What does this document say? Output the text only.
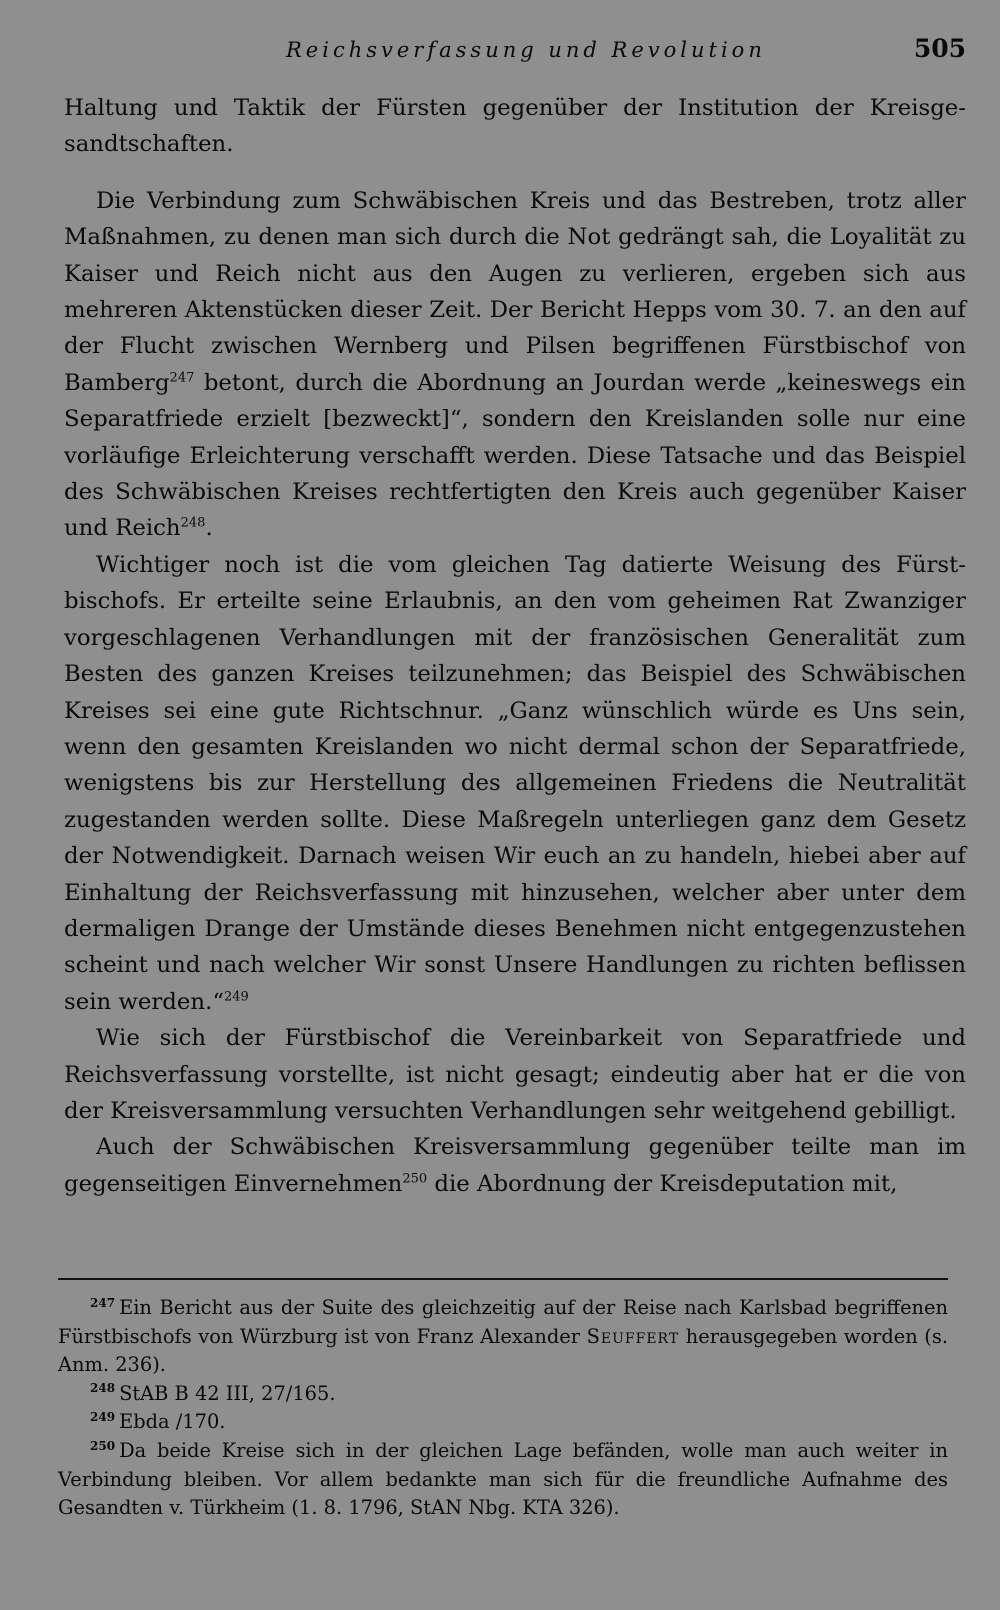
Reichsverfassung und Revolution	505

Haltung und Taktik der Fürsten gegenüber der Institution der Kreisgesandtschaften.

Die Verbindung zum Schwäbischen Kreis und das Bestreben, trotz aller Maßnahmen, zu denen man sich durch die Not gedrängt sah, die Loyalität zu Kaiser und Reich nicht aus den Augen zu verlieren, ergeben sich aus mehreren Aktenstücken dieser Zeit. Der Bericht Hepps vom 30. 7. an den auf der Flucht zwischen Wernberg und Pilsen begriffenen Fürstbischof von Bamberg$^{247}$ betont, durch die Abordnung an Jourdan werde „keineswegs ein Separatfriede erzielt [bezweckt]“, sondern den Kreislanden solle nur eine vorläufige Erleichterung verschafft werden. Diese Tatsache und das Beispiel des Schwäbischen Kreises rechtfertigten den Kreis auch gegenüber Kaiser und Reich$^{248}$.

Wichtiger noch ist die vom gleichen Tag datierte Weisung des Fürstbischofs. Er erteilte seine Erlaubnis, an den vom geheimen Rat Zwanziger vorgeschlagenen Verhandlungen mit der französischen Generalität zum Besten des ganzen Kreises teilzunehmen; das Beispiel des Schwäbischen Kreises sei eine gute Richtschnur. „Ganz wünschlich würde es Uns sein, wenn den gesamten Kreislanden wo nicht dermal schon der Separatfriede, wenigstens bis zur Herstellung des allgemeinen Friedens die Neutralität zugestanden werden sollte. Diese Maßregeln unterliegen ganz dem Gesetz der Notwendigkeit. Darnach weisen Wir euch an zu handeln, hiebei aber auf Einhaltung der Reichsverfassung mit hinzusehen, welcher aber unter dem dermaligen Drange der Umstände dieses Benehmen nicht entgegenzustehen scheint und nach welcher Wir sonst Unsere Handlungen zu richten beflissen sein werden.“$^{249}$

Wie sich der Fürstbischof die Vereinbarkeit von Separatfriede und Reichsverfassung vorstellte, ist nicht gesagt; eindeutig aber hat er die von der Kreisversammlung versuchten Verhandlungen sehr weitgehend gebilligt.

Auch der Schwäbischen Kreisversammlung gegenüber teilte man im gegenseitigen Einvernehmen$^{250}$ die Abordnung der Kreisdeputation mit,

$^{247}$ Ein Bericht aus der Suite des gleichzeitig auf der Reise nach Karlsbad begriffenen Fürstbischofs von Würzburg ist von Franz Alexander Seuffert herausgegeben worden (s. Anm. 236).

$^{248}$ StAB B 42 III, 27/165.

$^{249}$ Ebda /170.

$^{250}$ Da beide Kreise sich in der gleichen Lage befänden, wolle man auch weiter in Verbindung bleiben. Vor allem bedankte man sich für die freundliche Aufnahme des Gesandten v. Türkheim (1. 8. 1796, StAN Nbg. KTA 326).
